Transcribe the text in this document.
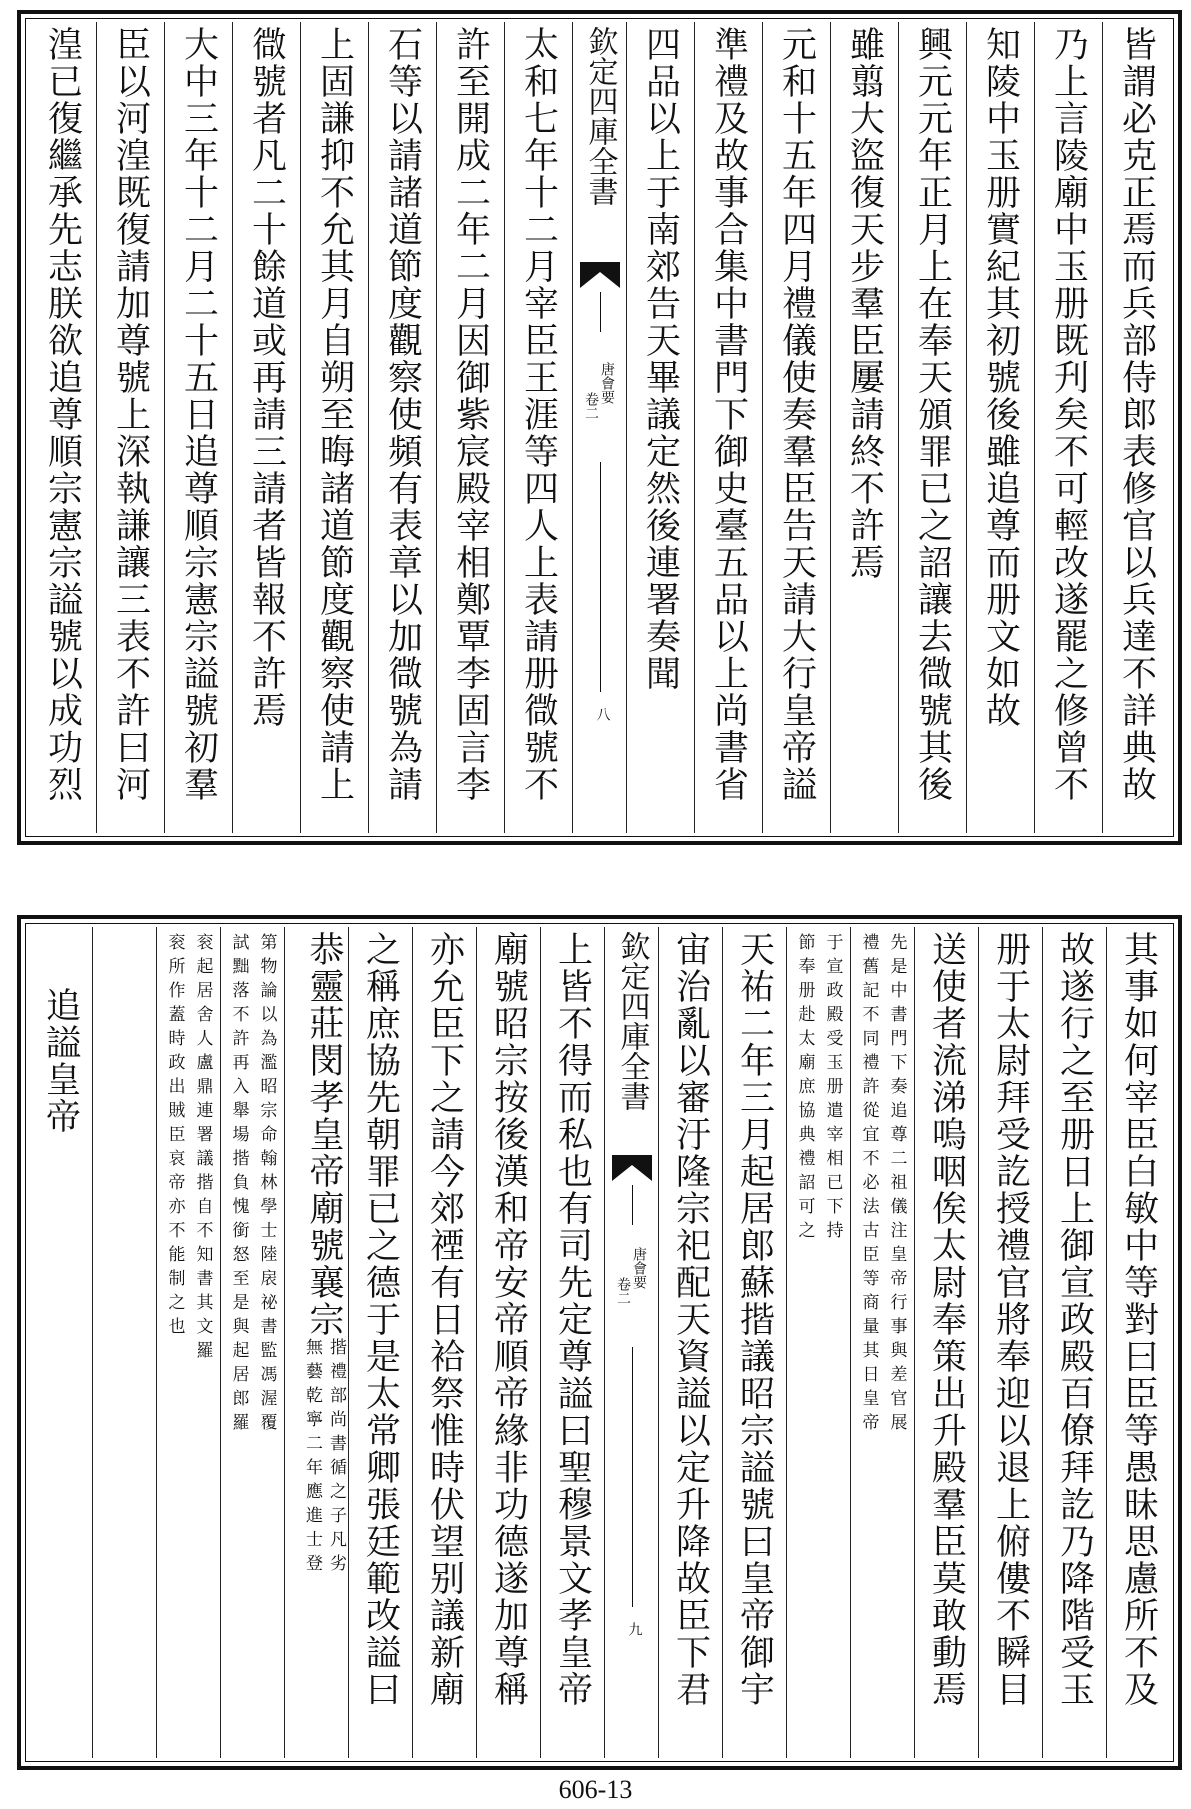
皆謂必克正焉而兵部侍郎表修官以兵達不詳典故
乃上言陵廟中玉册既刋矣不可輕改遂罷之修曾不
知陵中玉册實紀其初號後雖追尊而册文如故
興元元年正月上在奉天頒罪已之詔讓去㣲號其後
雖翦大盜復天步羣臣屢請終不許焉
元和十五年四月禮儀使奏羣臣告天請大行皇帝謚
準禮及故事合集中書門下御史臺五品以上尚書省
四品以上于南郊告天畢議定然後連署奏聞
欽定四庫全書
唐會要
卷二
八
太和七年十二月宰臣王涯等四人上表請册㣲號不
許至開成二年二月因御紫宸殿宰相鄭覃李固言李
石等以請諸道節度觀察使頻有表章以加㣲號為請
上固謙抑不允其月自朔至晦諸道節度觀察使請上
㣲號者凡二十餘道或再請三請者皆報不許焉
大中三年十二月二十五日追尊順宗憲宗謚號初羣
臣以河湟既復請加尊號上深執謙讓三表不許曰河
湟已復繼承先志朕欲追尊順宗憲宗謚號以成功烈
其事如何宰臣白敏中等對曰臣等愚昧思慮所不及
故遂行之至册日上御宣政殿百僚拜訖乃降階受玉
册于太尉拜受訖授禮官將奉迎以退上俯僂不瞬目
送使者流涕嗚咽俟太尉奉策出升殿羣臣莫敢動焉
先是中書門下奏追尊二祖儀注皇帝行事與差官展
禮舊記不同禮許從宜不必法古臣等商量其日皇帝
于宣政殿受玉册遣宰相已下持
節奉册赴太廟庶協典禮詔可之
天祐二年三月起居郎蘇揩議昭宗謚號曰皇帝御宇
宙治亂以審汙隆宗祀配天資謚以定升降故臣下君
欽定四庫全書
唐會要
卷二
九
上皆不得而私也有司先定尊謚曰聖穆景文孝皇帝
廟號昭宗按後漢和帝安帝順帝緣非功德遂加尊稱
亦允臣下之請今郊禋有日袷祭惟時伏望别議新廟
之稱庶協先朝罪已之德于是太常卿張廷範改謚曰
恭靈莊閔孝皇帝廟號襄宗
揩禮部尚書循之子凡劣
無藝乾寧二年應進士登
第物論以為濫昭宗命翰林學士陸扆祕書監馮渥覆
試黜落不許再入舉場揩負愧銜怒至是與起居郎羅
衮起居舍人盧鼎連署議揩自不知書其文羅
衮所作蓋時政出賊臣哀帝亦不能制之也
追謚皇帝
606-13
